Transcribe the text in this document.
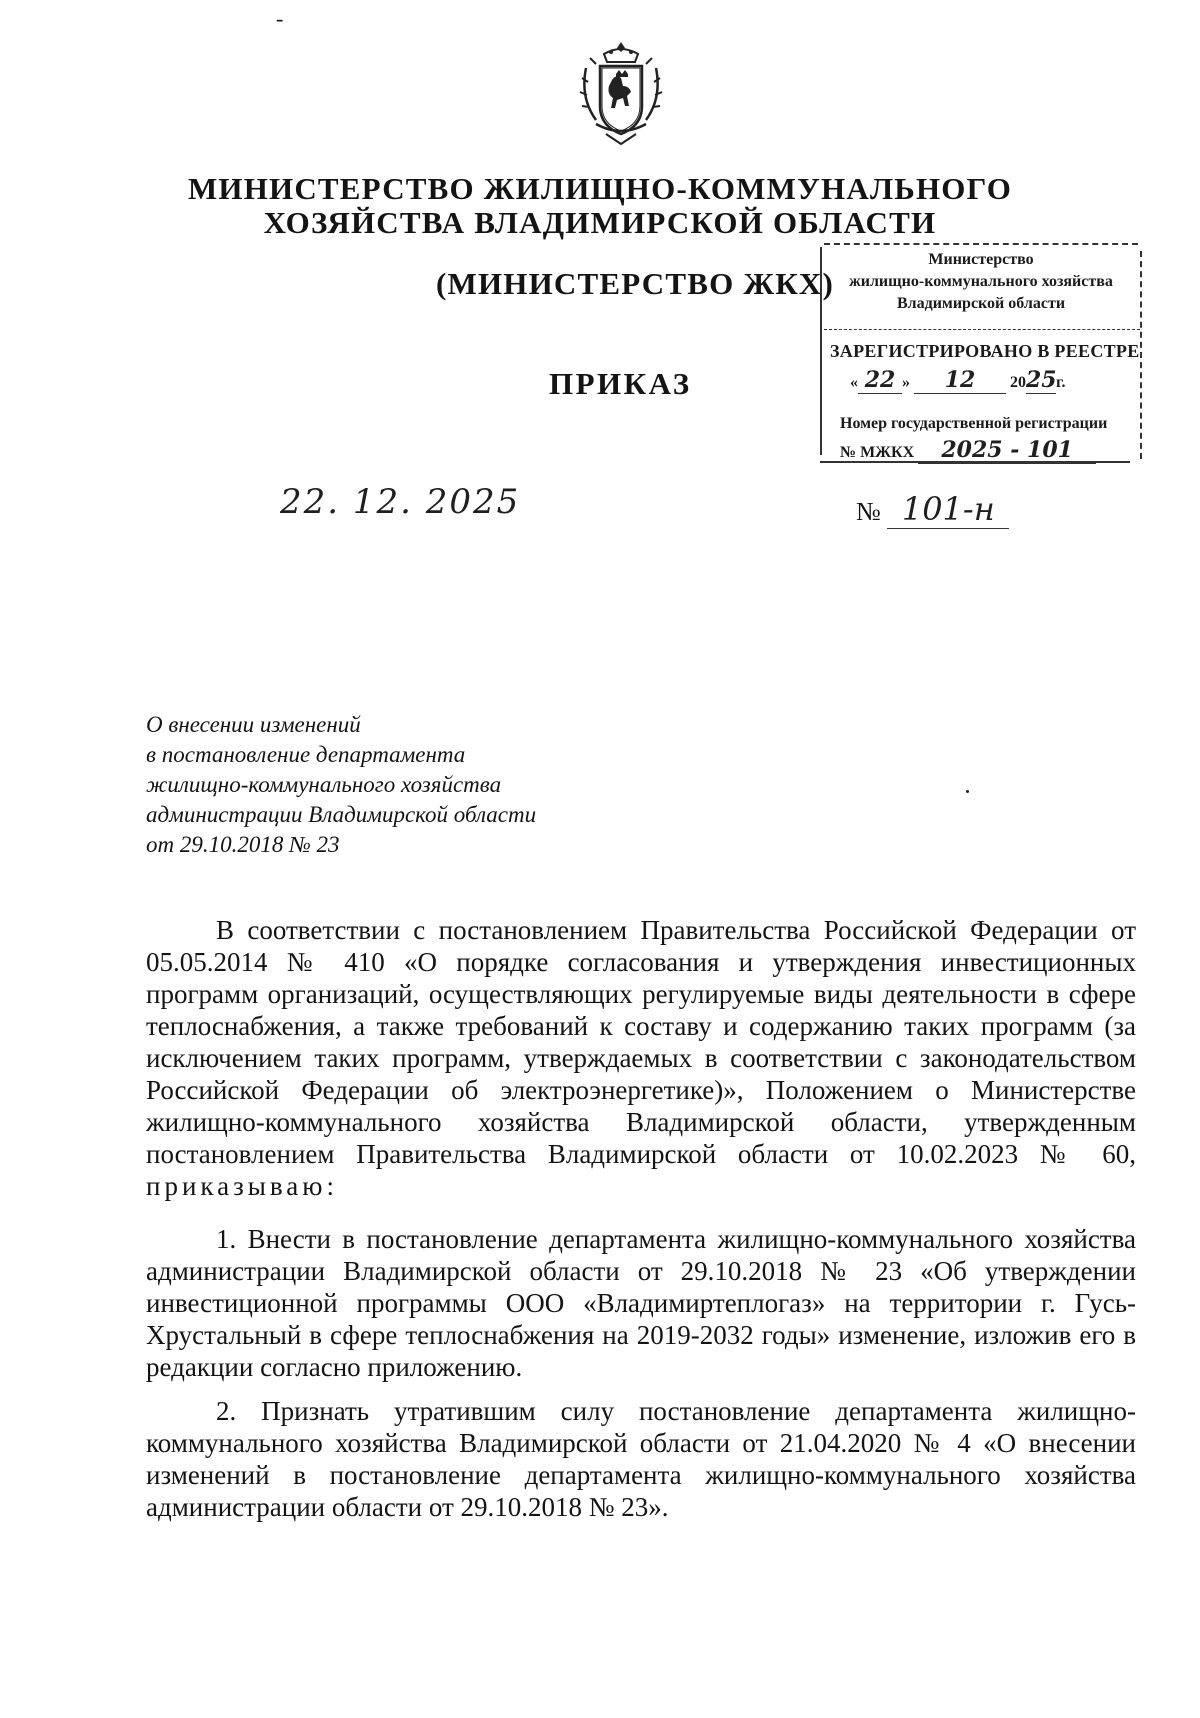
-
МИНИСТЕРСТВО ЖИЛИЩНО-КОММУНАЛЬНОГО
ХОЗЯЙСТВА ВЛАДИМИРСКОЙ ОБЛАСТИ
(МИНИСТЕРСТВО ЖКХ)
ПРИКАЗ
Министерство
жилищно-коммунального хозяйства
Владимирской области
ЗАРЕГИСТРИРОВАНО В РЕЕСТРЕ
« 22 » 12 2025г.
Номер государственной регистрации
№ МЖКХ 2025 - 101
22. 12. 2025	№ 101-н
О внесении изменений
в постановление департамента
жилищно-коммунального хозяйства
администрации Владимирской области
от 29.10.2018 № 23

В соответствии с постановлением Правительства Российской Федерации от 05.05.2014 № 410 «О порядке согласования и утверждения инвестиционных программ организаций, осуществляющих регулируемые виды деятельности в сфере теплоснабжения, а также требований к составу и содержанию таких программ (за исключением таких программ, утверждаемых в соответствии с законодательством Российской Федерации об электроэнергетике)», Положением о Министерстве жилищно-коммунального хозяйства Владимирской области, утвержденным постановлением Правительства Владимирской области от 10.02.2023 № 60, приказываю:

1. Внести в постановление департамента жилищно-коммунального хозяйства администрации Владимирской области от 29.10.2018 № 23 «Об утверждении инвестиционной программы ООО «Владимиртеплогаз» на территории г. Гусь-Хрустальный в сфере теплоснабжения на 2019-2032 годы» изменение, изложив его в редакции согласно приложению.

2. Признать утратившим силу постановление департамента жилищно-коммунального хозяйства Владимирской области от 21.04.2020 № 4 «О внесении изменений в постановление департамента жилищно-коммунального хозяйства администрации области от 29.10.2018 № 23».
